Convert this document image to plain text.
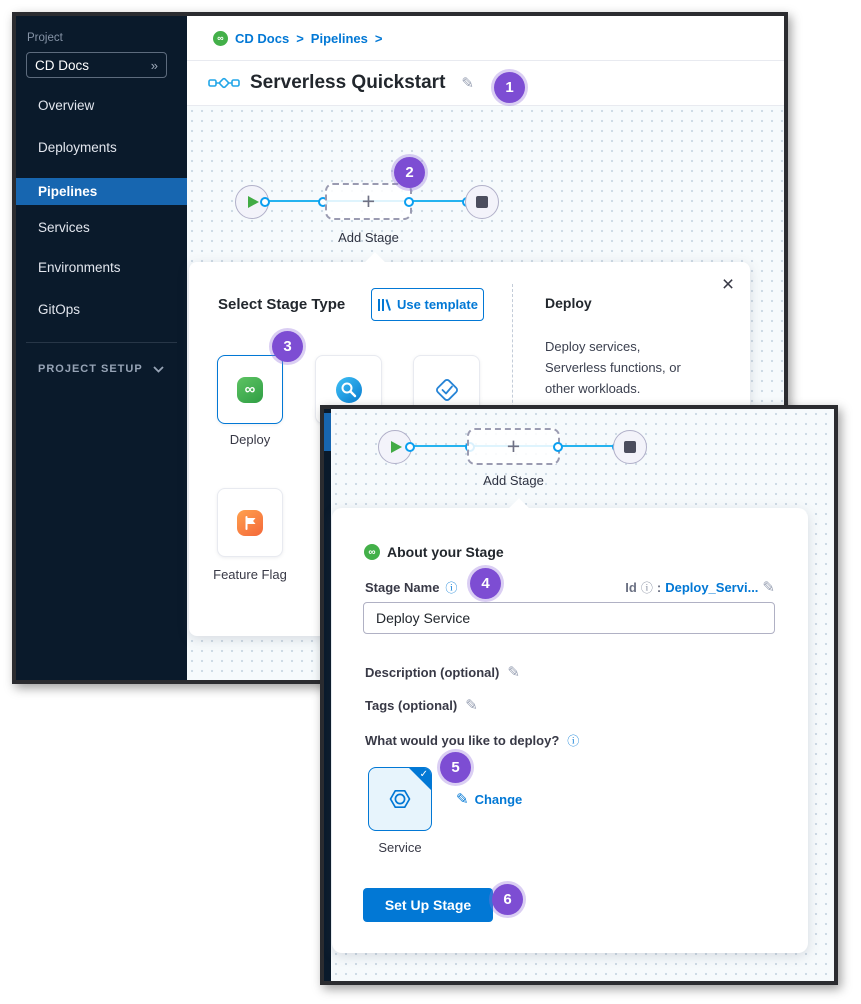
Project
CD Docs	»
Overview
Deployments
Pipelines
Services
Environments
GitOps
PROJECT SETUP
∞ CD Docs > Pipelines >
Serverless Quickstart ✎
+
Add Stage
Select Stage Type	Use template
∞
Deploy
Feature Flag
Deploy
×
Deploy services, Serverless functions, or other workloads.
+
Add Stage
∞ About your Stage
Stage Name ⓘ	Id ⓘ : Deploy_Servi... ✎
Deploy Service
Description (optional) ✎
Tags (optional) ✎
What would you like to deploy? ⓘ
✓
✎ Change
Service
Set Up Stage
1
2
3
4
5
6
